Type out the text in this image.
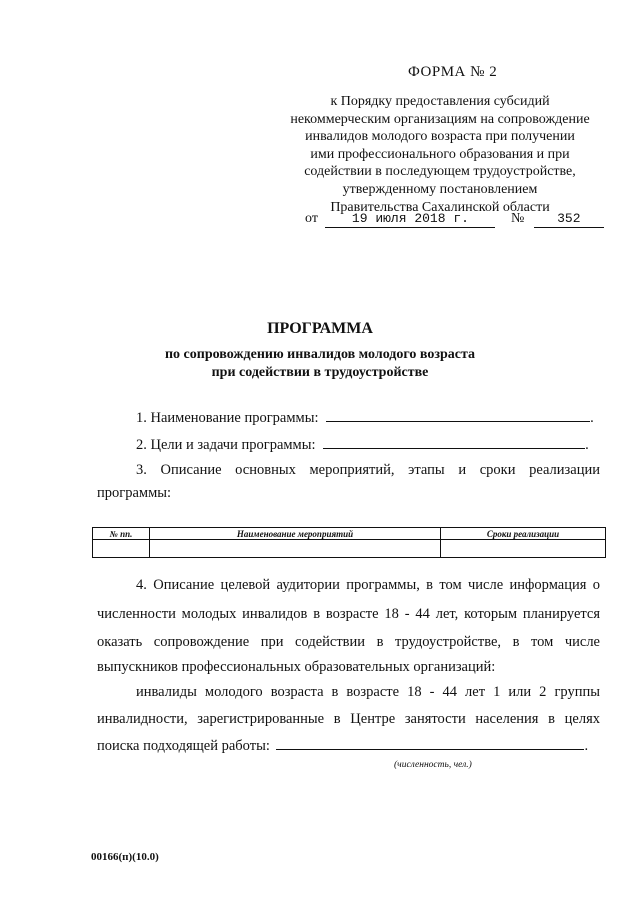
ФОРМА № 2
к Порядку предоставления субсидий
некоммерческим организациям на сопровождение
инвалидов молодого возраста при получении
ими профессионального образования и при
содействии в последующем трудоустройстве,
утвержденному постановлением
Правительства Сахалинской области
от	19 июля 2018 г.	№	352
ПРОГРАММА
по сопровождению инвалидов молодого возраста
при содействии в трудоустройстве
1. Наименование программы:	.
2. Цели и задачи программы:	.
3. Описание основных мероприятий, этапы и сроки реализации
программы:
№ пп.	Наименование мероприятий	Сроки реализации

4. Описание целевой аудитории программы, в том числе информация о
численности молодых инвалидов в возрасте 18 - 44 лет, которым планируется
оказать сопровождение при содействии в трудоустройстве, в том числе
выпускников профессиональных образовательных организаций:
инвалиды молодого возраста в возрасте 18 - 44 лет 1 или 2 группы
инвалидности, зарегистрированные в Центре занятости населения в целях
поиска подходящей работы:	.
(численность, чел.)
00166(п)(10.0)
